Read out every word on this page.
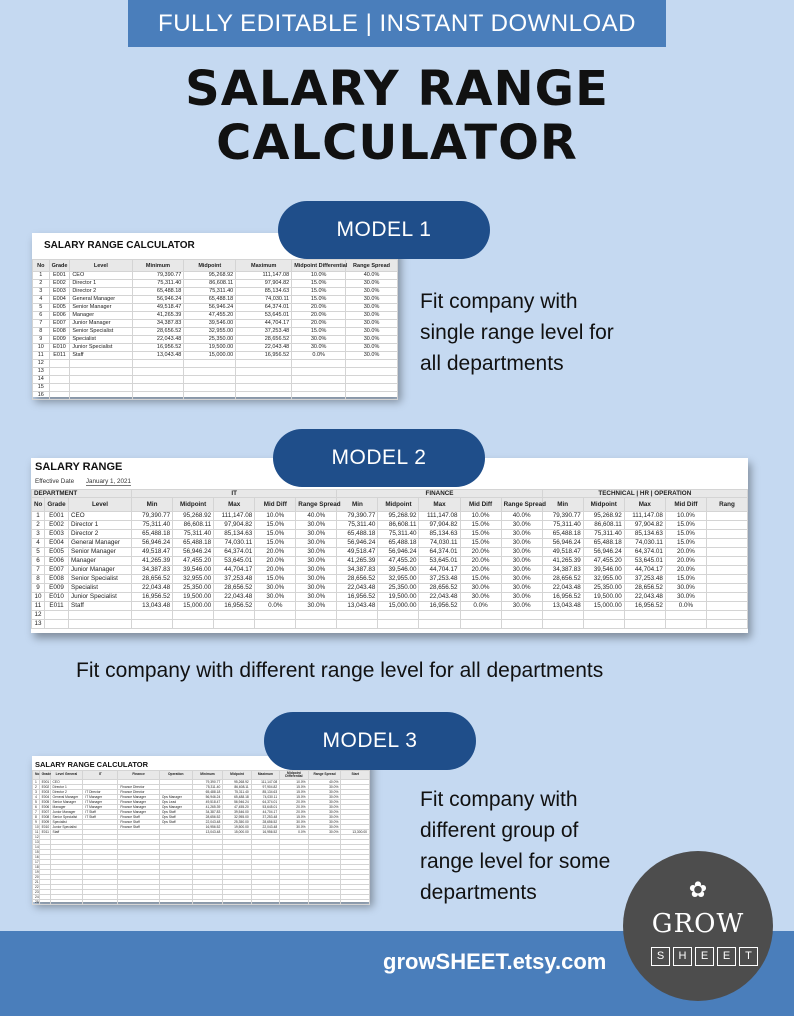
FULLY EDITABLE | INSTANT DOWNLOAD
SALARY RANGE
CALCULATOR
MODEL 1
SALARY RANGE CALCULATOR
No	Grade	Level	Minimum	Midpoint	Maximum	Midpoint Differential	Range Spread
1	E001	CEO	79,390.77	95,268.92	111,147.08	10.0%	40.0%
2	E002	Director 1	75,311.40	86,608.11	97,904.82	15.0%	30.0%
3	E003	Director 2	65,488.18	75,311.40	85,134.63	15.0%	30.0%
4	E004	General Manager	56,946.24	65,488.18	74,030.11	15.0%	30.0%
5	E005	Senior Manager	49,518.47	56,946.24	64,374.01	20.0%	30.0%
6	E006	Manager	41,265.39	47,455.20	53,645.01	20.0%	30.0%
7	E007	Junior Manager	34,387.83	39,546.00	44,704.17	20.0%	30.0%
8	E008	Senior Specialist	28,656.52	32,955.00	37,253.48	15.0%	30.0%
9	E009	Specialist	22,043.48	25,350.00	28,656.52	30.0%	30.0%
10	E010	Junior Specialist	16,956.52	19,500.00	22,043.48	30.0%	30.0%
11	E011	Staff	13,043.48	15,000.00	16,956.52	0.0%	30.0%
12							
13							
14							
15							
16							
Fit company with
single range level for
all departments
MODEL 2
SALARY RANGE
Effective Date January 1, 2021
DEPARTMENT			IT					FINANCE					TECHNICAL | HR | OPERATION				
No	Grade	Level	Min	Midpoint	Max	Mid Diff	Range Spread	Min	Midpoint	Max	Mid Diff	Range Spread	Min	Midpoint	Max	Mid Diff	Rang
1	E001	CEO	79,390.77	95,268.92	111,147.08	10.0%	40.0%	79,390.77	95,268.92	111,147.08	10.0%	40.0%	79,390.77	95,268.92	111,147.08	10.0%	
2	E002	Director 1	75,311.40	86,608.11	97,904.82	15.0%	30.0%	75,311.40	86,608.11	97,904.82	15.0%	30.0%	75,311.40	86,608.11	97,904.82	15.0%	
3	E003	Director 2	65,488.18	75,311.40	85,134.63	15.0%	30.0%	65,488.18	75,311.40	85,134.63	15.0%	30.0%	65,488.18	75,311.40	85,134.63	15.0%	
4	E004	General Manager	56,946.24	65,488.18	74,030.11	15.0%	30.0%	56,946.24	65,488.18	74,030.11	15.0%	30.0%	56,946.24	65,488.18	74,030.11	15.0%	
5	E005	Senior Manager	49,518.47	56,946.24	64,374.01	20.0%	30.0%	49,518.47	56,946.24	64,374.01	20.0%	30.0%	49,518.47	56,946.24	64,374.01	20.0%	
6	E006	Manager	41,265.39	47,455.20	53,645.01	20.0%	30.0%	41,265.39	47,455.20	53,645.01	20.0%	30.0%	41,265.39	47,455.20	53,645.01	20.0%	
7	E007	Junior Manager	34,387.83	39,546.00	44,704.17	20.0%	30.0%	34,387.83	39,546.00	44,704.17	20.0%	30.0%	34,387.83	39,546.00	44,704.17	20.0%	
8	E008	Senior Specialist	28,656.52	32,955.00	37,253.48	15.0%	30.0%	28,656.52	32,955.00	37,253.48	15.0%	30.0%	28,656.52	32,955.00	37,253.48	15.0%	
9	E009	Specialist	22,043.48	25,350.00	28,656.52	30.0%	30.0%	22,043.48	25,350.00	28,656.52	30.0%	30.0%	22,043.48	25,350.00	28,656.52	30.0%	
10	E010	Junior Specialist	16,956.52	19,500.00	22,043.48	30.0%	30.0%	16,956.52	19,500.00	22,043.48	30.0%	30.0%	16,956.52	19,500.00	22,043.48	30.0%	
11	E011	Staff	13,043.48	15,000.00	16,956.52	0.0%	30.0%	13,043.48	15,000.00	16,956.52	0.0%	30.0%	13,043.48	15,000.00	16,956.52	0.0%	
12																	
13																	
Fit company with different range level for all departments
MODEL 3
SALARY RANGE CALCULATOR
No	Grade	Level General	IT	Finance	Operation	Minimum	Midpoint	Maximum	Midpoint Differential	Range Spread	Start
1	E001	CEO				79,390.77	95,268.92	111,147.08	10.0%	40.0%	
2	E002	Director 1		Finance Director		75,311.40	86,608.11	97,904.82	15.0%	30.0%	
3	E003	Director 2	IT Director	Finance Director		65,488.18	75,311.40	85,134.63	15.0%	30.0%	
4	E004	General Manager	IT Manager	Finance Manager	Ops Manager	56,946.24	65,488.18	74,030.11	15.0%	30.0%	
5	E005	Senior Manager	IT Manager	Finance Manager	Ops Lead	49,518.47	56,946.24	64,374.01	20.0%	30.0%	
6	E006	Manager	IT Manager	Finance Manager	Ops Manager	41,265.39	47,455.20	53,645.01	20.0%	30.0%	
7	E007	Junior Manager	IT Staff	Finance Manager	Ops Staff	34,387.83	39,546.00	44,704.17	20.0%	30.0%	
8	E008	Senior Specialist	IT Staff	Finance Staff	Ops Staff	28,656.52	32,955.00	37,253.48	15.0%	30.0%	
9	E009	Specialist		Finance Staff	Ops Staff	22,043.48	25,350.00	28,656.52	30.0%	30.0%	
10	E010	Junior Specialist		Finance Staff		16,956.52	19,500.00	22,043.48	30.0%	30.0%	
11	E011	Staff				13,043.48	15,000.00	16,956.52	0.0%	30.0%	13,300.00
12											
13											
14											
15											
16											
17											
18											
19											
20											
21											
22											
23											
24											
25											
Fit company with
different group of
range level for some
departments
growSHEET.etsy.com
✿
GROW
S	H	E	E	T
